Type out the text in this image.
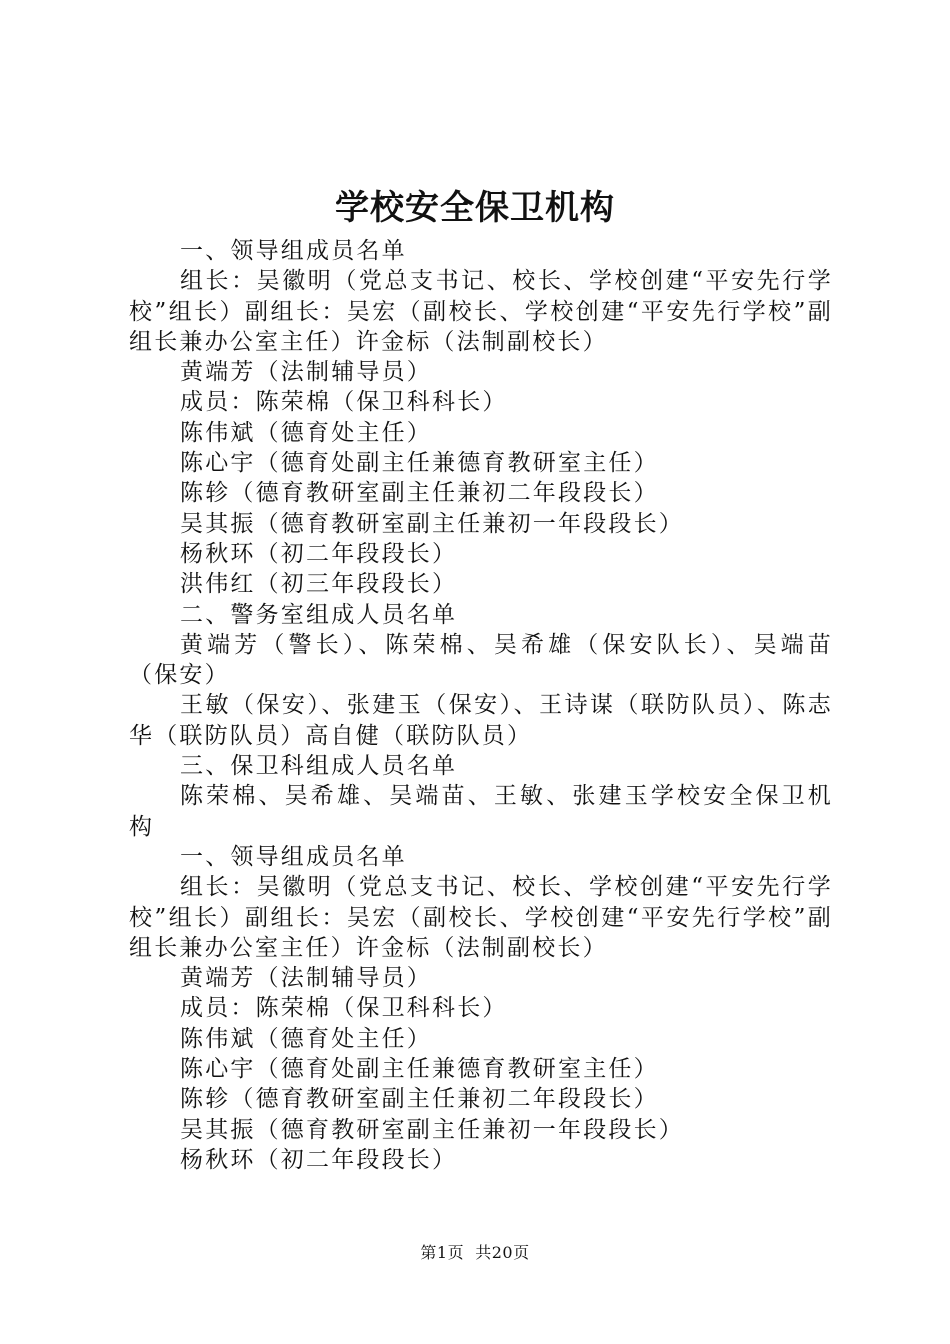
学校安全保卫机构

一、领导组成员名单

组长：吴徽明（党总支书记、校长、学校创建“平安先行学校”组长）副组长：吴宏（副校长、学校创建“平安先行学校”副组长兼办公室主任）许金标（法制副校长）

黄端芳（法制辅导员）

成员：陈荣棉（保卫科科长）

陈伟斌（德育处主任）

陈心宇（德育处副主任兼德育教研室主任）

陈轸（德育教研室副主任兼初二年段段长）

吴其振（德育教研室副主任兼初一年段段长）

杨秋环（初二年段段长）

洪伟红（初三年段段长）

二、警务室组成人员名单

黄端芳（警长）、陈荣棉、吴希雄（保安队长）、吴端苗（保安）

王敏（保安）、张建玉（保安）、王诗谋（联防队员）、陈志华（联防队员）高自健（联防队员）

三、保卫科组成人员名单

陈荣棉、吴希雄、吴端苗、王敏、张建玉学校安全保卫机构

一、领导组成员名单

组长：吴徽明（党总支书记、校长、学校创建“平安先行学校”组长）副组长：吴宏（副校长、学校创建“平安先行学校”副组长兼办公室主任）许金标（法制副校长）

黄端芳（法制辅导员）

成员：陈荣棉（保卫科科长）

陈伟斌（德育处主任）

陈心宇（德育处副主任兼德育教研室主任）

陈轸（德育教研室副主任兼初二年段段长）

吴其振（德育教研室副主任兼初一年段段长）

杨秋环（初二年段段长）

第1页  共20页
